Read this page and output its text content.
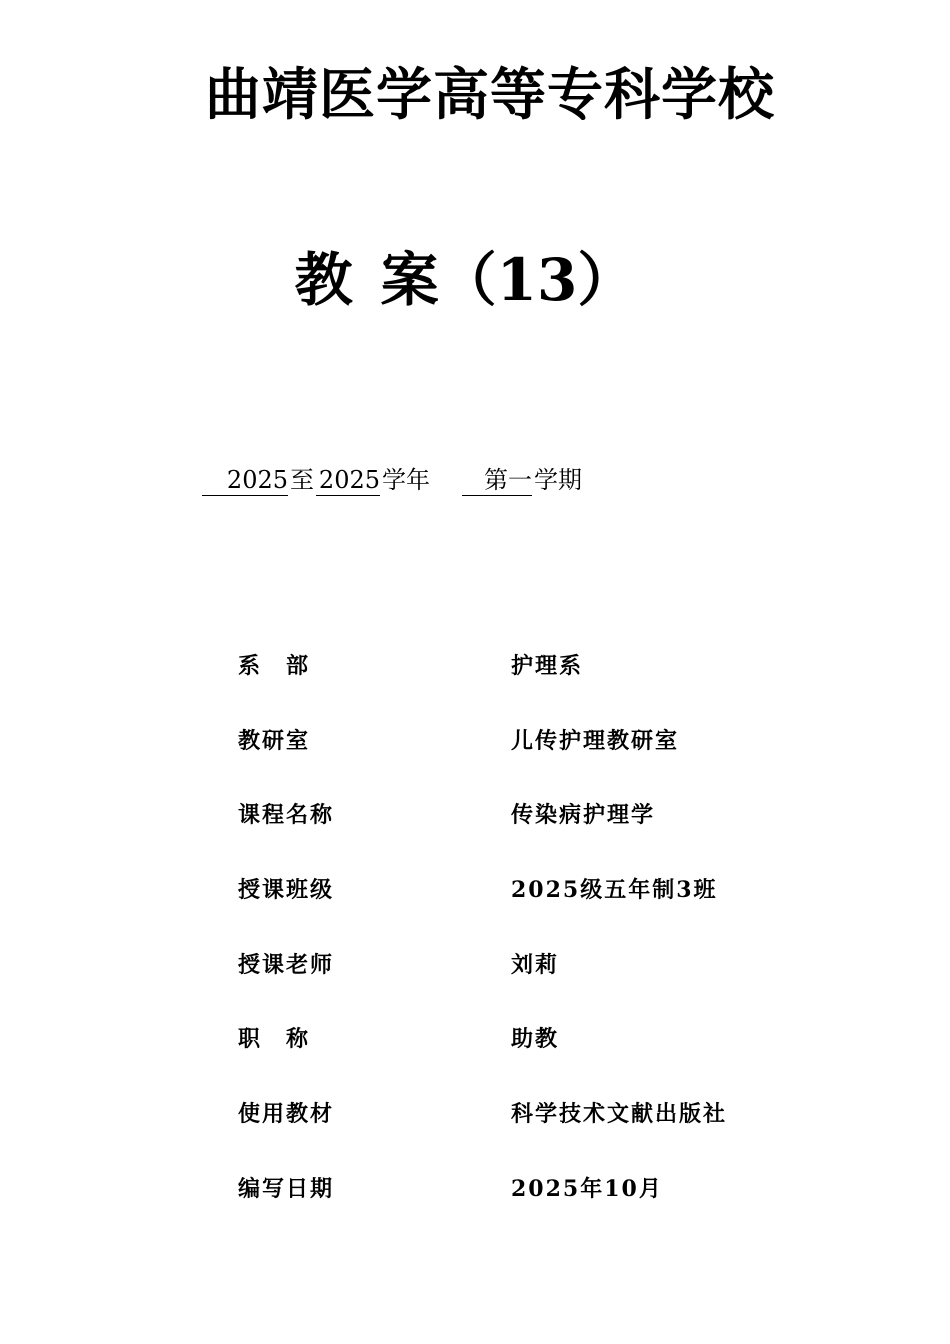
曲靖医学高等专科学校
教 案（13）
2025至 2025学年 第一学期
系　部	护理系
教研室	儿传护理教研室
课程名称	传染病护理学
授课班级	2025级五年制3班
授课老师	刘莉
职　称	助教
使用教材	科学技术文献出版社
编写日期	2025年10月
